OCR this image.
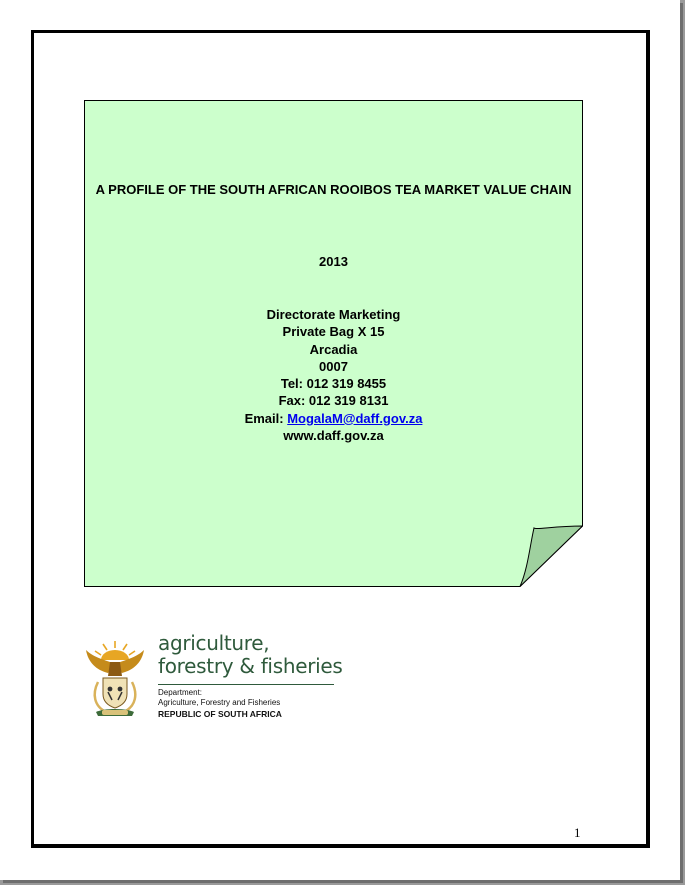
A PROFILE OF THE SOUTH AFRICAN ROOIBOS TEA MARKET VALUE CHAIN
2013
Directorate Marketing
Private Bag X 15
Arcadia
0007
Tel: 012 319 8455
Fax: 012 319 8131
Email: MogalaM@daff.gov.za
www.daff.gov.za
agriculture,
forestry & fisheries
Department:
Agriculture, Forestry and Fisheries
REPUBLIC OF SOUTH AFRICA
1
